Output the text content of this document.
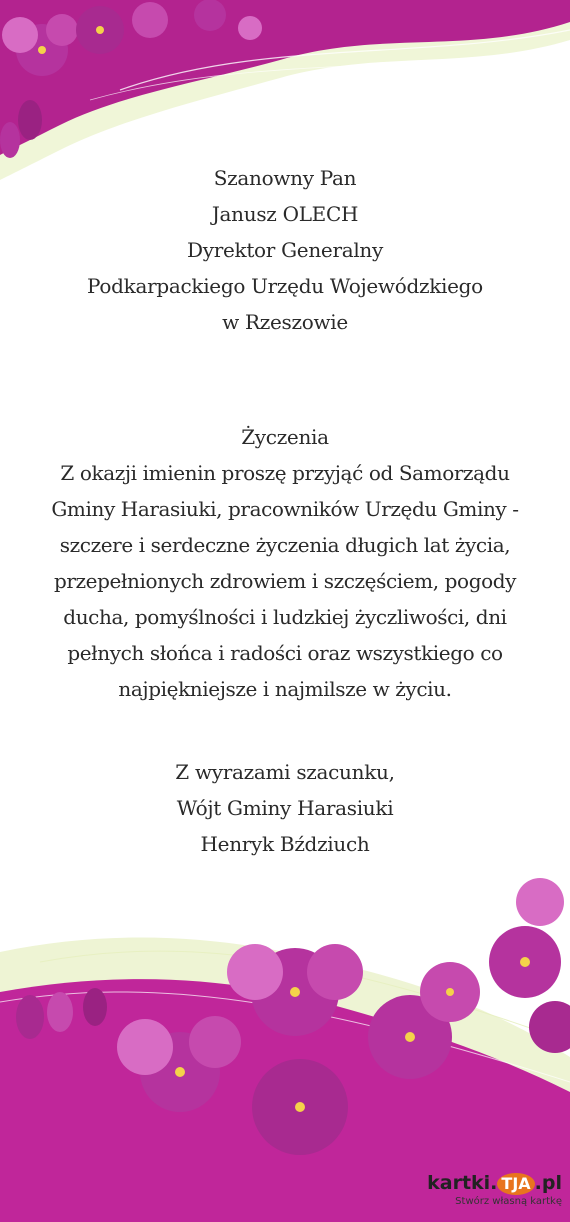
Szanowny Pan
Janusz OLECH
Dyrektor Generalny
Podkarpackiego Urzędu Wojewódzkiego
w Rzeszowie
Życzenia
Z okazji imienin proszę przyjąć od Samorządu
Gminy Harasiuki, pracowników Urzędu Gminy -
szczere i serdeczne życzenia długich lat życia,
przepełnionych zdrowiem i szczęściem, pogody
ducha, pomyślności i ludzkiej życzliwości, dni
pełnych słońca i radości oraz wszystkiego co
najpiękniejsze i najmilsze w życiu.
Z wyrazami szacunku,
Wójt Gminy Harasiuki
Henryk Bździuch
kartki. TJA .pl
Stwórz własną kartkę
